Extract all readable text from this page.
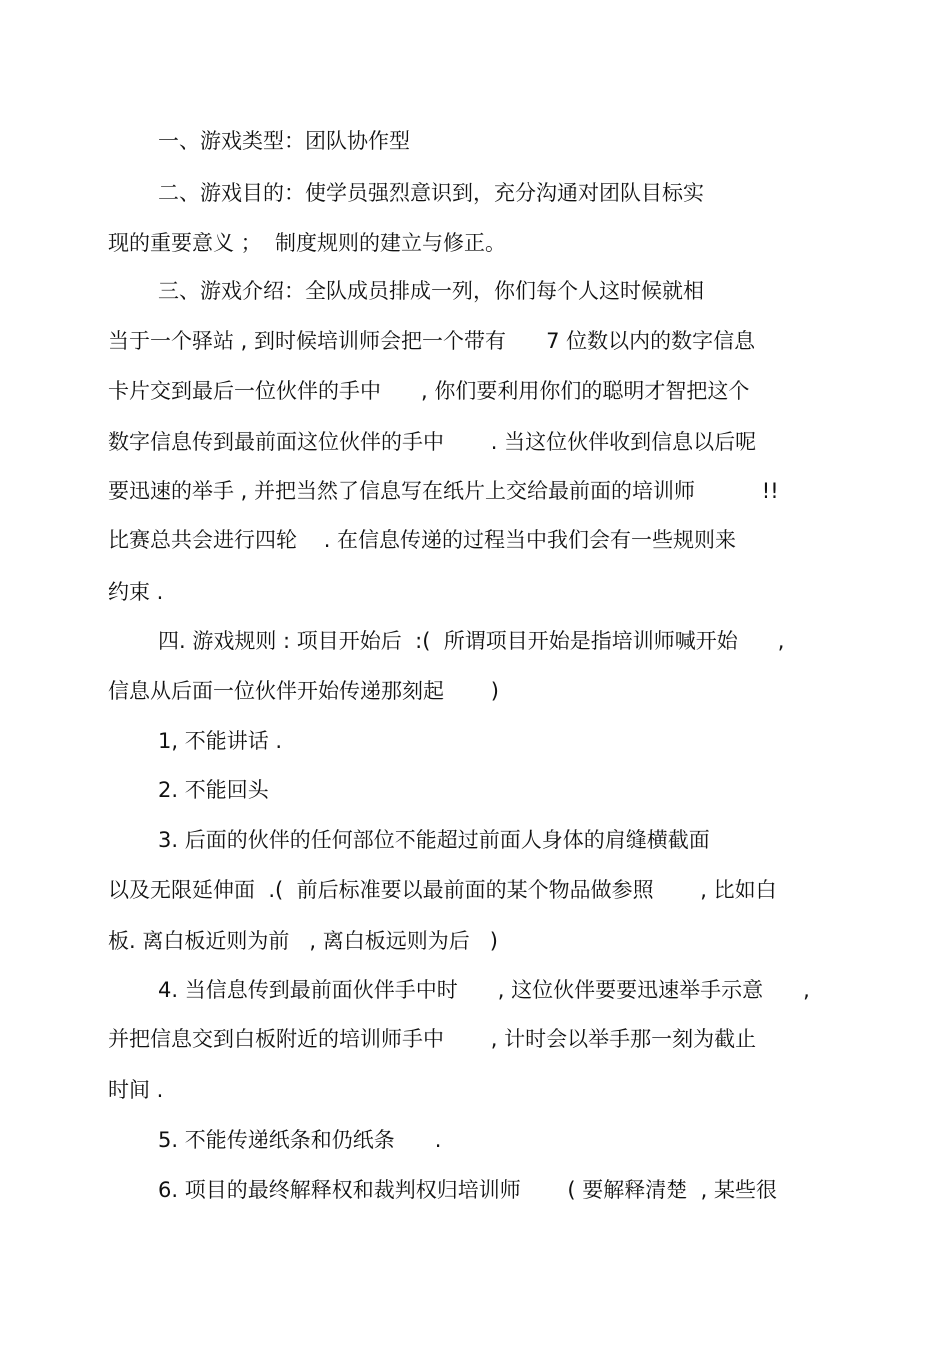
一、游戏类型：团队协作型
二、游戏目的：使学员强烈意识到，充分沟通对团队目标实
现的重要意义 ；  制度规则的建立与修正。
三、游戏介绍：全队成员排成一列，你们每个人这时候就相
当于一个驿站 , 到时候培训师会把一个带有      7 位数以内的数字信息
卡片交到最后一位伙伴的手中      , 你们要利用你们的聪明才智把这个
数字信息传到最前面这位伙伴的手中       . 当这位伙伴收到信息以后呢
要迅速的举手 , 并把当然了信息写在纸片上交给最前面的培训师          !!
比赛总共会进行四轮    . 在信息传递的过程当中我们会有一些规则来
约束 .
四. 游戏规则 : 项目开始后  :(  所谓项目开始是指培训师喊开始      ,
信息从后面一位伙伴开始传递那刻起       )
1, 不能讲话 .
2. 不能回头
3. 后面的伙伴的任何部位不能超过前面人身体的肩缝横截面
以及无限延伸面  .(  前后标准要以最前面的某个物品做参照       , 比如白
板. 离白板近则为前   , 离白板远则为后   )
4. 当信息传到最前面伙伴手中时      , 这位伙伴要要迅速举手示意      ,
并把信息交到白板附近的培训师手中       , 计时会以举手那一刻为截止
时间 .
5. 不能传递纸条和仍纸条      .
6. 项目的最终解释权和裁判权归培训师       ( 要解释清楚  , 某些很
